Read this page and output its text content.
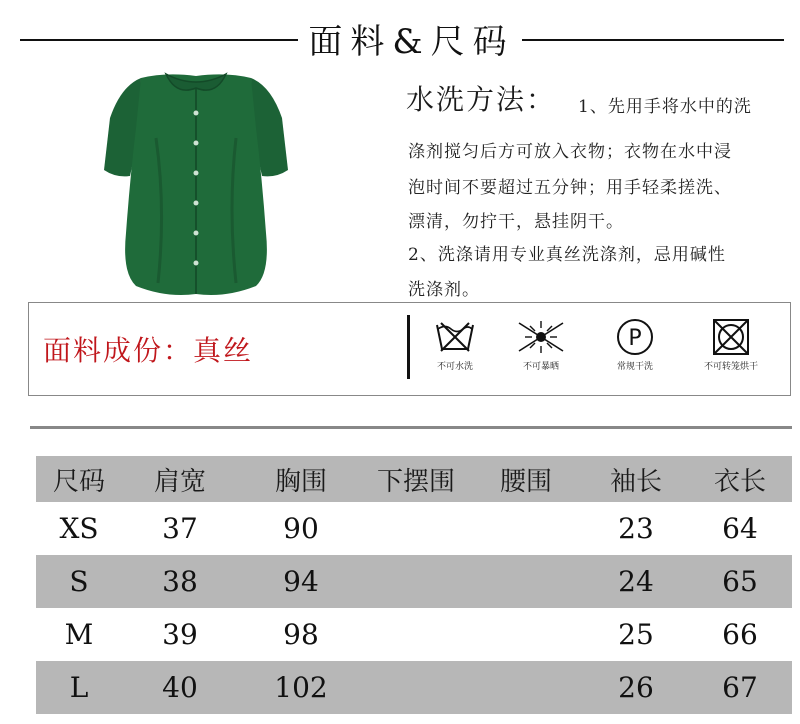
面料&尺码
水洗方法： 1、先用手将水中的洗
涤剂搅匀后方可放入衣物；衣物在水中浸
泡时间不要超过五分钟；用手轻柔搓洗、
漂清，勿拧干，悬挂阴干。
2、洗涤请用专业真丝洗涤剂，忌用碱性
洗涤剂。
面料成份：真丝	不可水洗	不可暴晒
P
常规干洗	不可转笼烘干
尺码	肩宽	胸围	下摆围	腰围	袖长	衣长
XS	37	90			23	64
S	38	94			24	65
M	39	98			25	66
L	40	102			26	67
